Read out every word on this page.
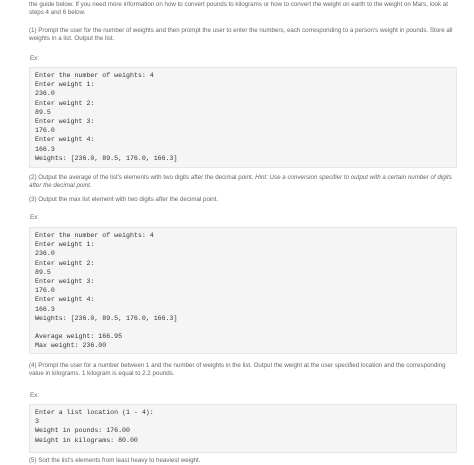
the guide below. If you need more information on how to convert pounds to kilograms or how to convert the weight on earth to the weight on Mars, look at steps 4 and 6 below.

(1) Prompt the user for the number of weights and then prompt the user to enter the numbers, each corresponding to a person's weight in pounds. Store all weights in a list. Output the list.

Ex:
Enter the number of weights: 4
Enter weight 1:
236.0
Enter weight 2:
89.5
Enter weight 3:
176.0
Enter weight 4:
166.3
Weights: [236.0, 89.5, 176.0, 166.3]

(2) Output the average of the list's elements with two digits after the decimal point. Hint: Use a conversion specifier to output with a certain number of digits after the decimal point.

(3) Output the max list element with two digits after the decimal point.

Ex:
Enter the number of weights: 4
Enter weight 1:
236.0
Enter weight 2:
89.5
Enter weight 3:
176.0
Enter weight 4:
166.3
Weights: [236.0, 89.5, 176.0, 166.3]
Average weight: 166.95
Max weight: 236.00

(4) Prompt the user for a number between 1 and the number of weights in the list. Output the weight at the user specified location and the corresponding value in kilograms. 1 kilogram is equal to 2.2 pounds.

Ex:
Enter a list location (1 - 4):
3
Weight in pounds: 176.00
Weight in kilograms: 80.00

(5) Sort the list's elements from least heavy to heaviest weight.
